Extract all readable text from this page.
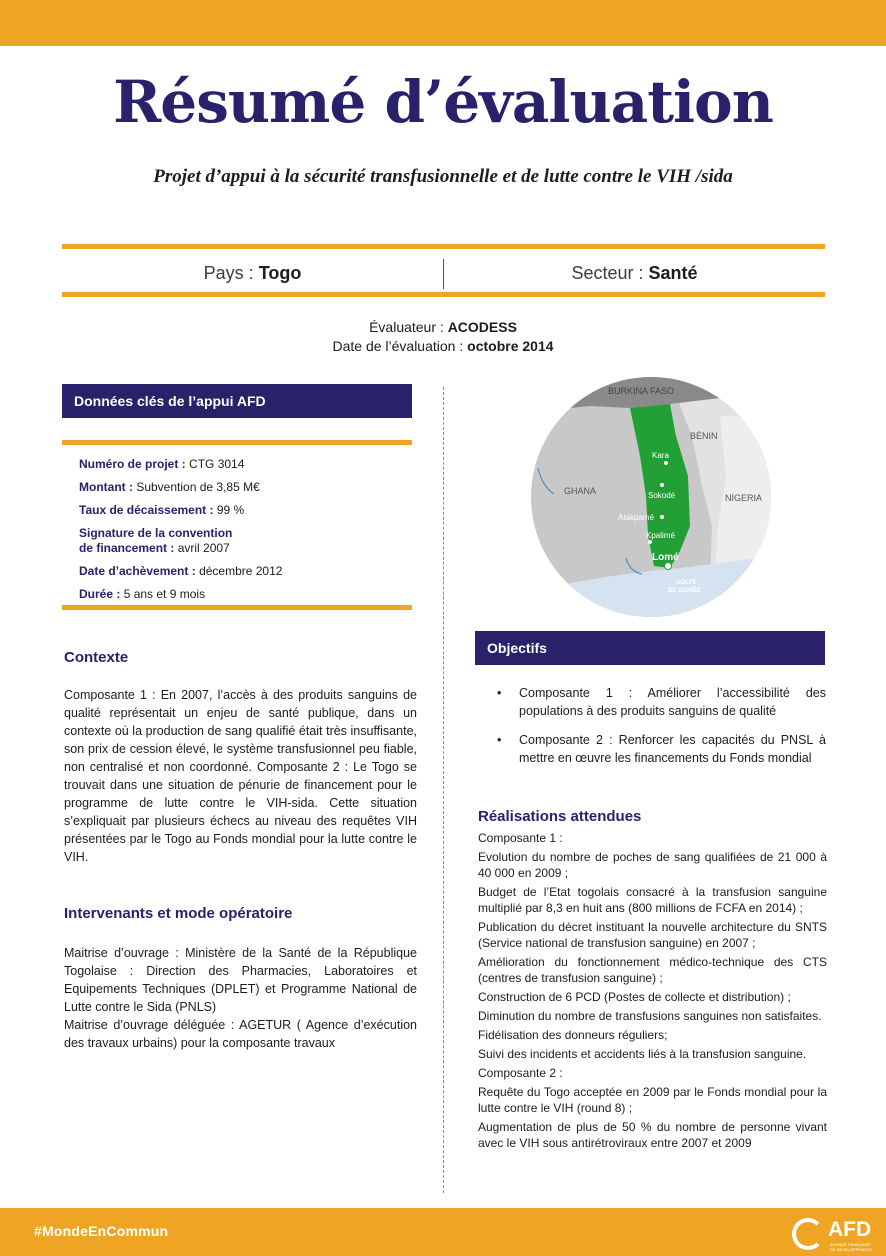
Résumé d’évaluation
Projet d’appui à la sécurité transfusionnelle et de lutte contre le VIH /sida
Pays : Togo	Secteur : Santé
Évaluateur : ACODESS
Date de l’évaluation : octobre 2014
Données clés de l’appui AFD
Numéro de projet : CTG 3014
Montant : Subvention de 3,85 M€
Taux de décaissement : 99 %
Signature de la convention de financement : avril 2007
Date d’achèvement : décembre 2012
Durée : 5 ans et 9 mois
BURKINA FASO
BÉNIN
GHANA
NIGERIA
Kara
Sokodé
Atakpamé
Kpalimé
Lomé
GOLFE
DE GUINÉE
Contexte
Composante 1 : En 2007, l’accès à des produits sanguins de qualité représentait un enjeu de santé publique, dans un contexte où la production de sang qualifié était très insuffisante, son prix de cession élevé, le système transfusionnel peu fiable, non centralisé et non coordonné. Composante 2 : Le Togo se trouvait dans une situation de pénurie de financement pour le programme de lutte contre le VIH-sida. Cette situation s’expliquait par plusieurs échecs au niveau des requêtes VIH présentées par le Togo au Fonds mondial pour la lutte contre le VIH.
Intervenants et mode opératoire
Maitrise d’ouvrage : Ministère de la Santé de la République Togolaise : Direction des Pharmacies, Laboratoires et Equipements Techniques (DPLET) et Programme National de Lutte contre le Sida (PNLS)
Maitrise d’ouvrage déléguée : AGETUR ( Agence d’exécution des travaux urbains) pour la composante travaux
Objectifs
• Composante 1 : Améliorer l’accessibilité des populations à des produits sanguins de qualité
• Composante 2 : Renforcer les capacités du PNSL à mettre en œuvre les financements du Fonds mondial
Réalisations attendues

Composante 1 :

Evolution du nombre de poches de sang qualifiées de 21 000 à 40 000 en 2009 ;

Budget de l’Etat togolais consacré à la transfusion sanguine multiplié par 8,3 en huit ans (800 millions de FCFA en 2014) ;

Publication du décret instituant la nouvelle architecture du SNTS (Service national de transfusion sanguine) en 2007 ;

Amélioration du fonctionnement médico-technique des CTS (centres de transfusion sanguine) ;

Construction de 6 PCD (Postes de collecte et distribution) ;

Diminution du nombre de transfusions sanguines non satisfaites.

Fidélisation des donneurs réguliers;

Suivi des incidents et accidents liés à la transfusion sanguine.

Composante 2 :

Requête du Togo acceptée en 2009 par le Fonds mondial pour la lutte contre le VIH (round 8) ;

Augmentation de plus de 50 % du nombre de personne vivant avec le VIH sous antirétroviraux entre 2007 et 2009

#MondeEnCommun	AFD
AGENCE FRANÇAISE DE DÉVELOPPEMENT
